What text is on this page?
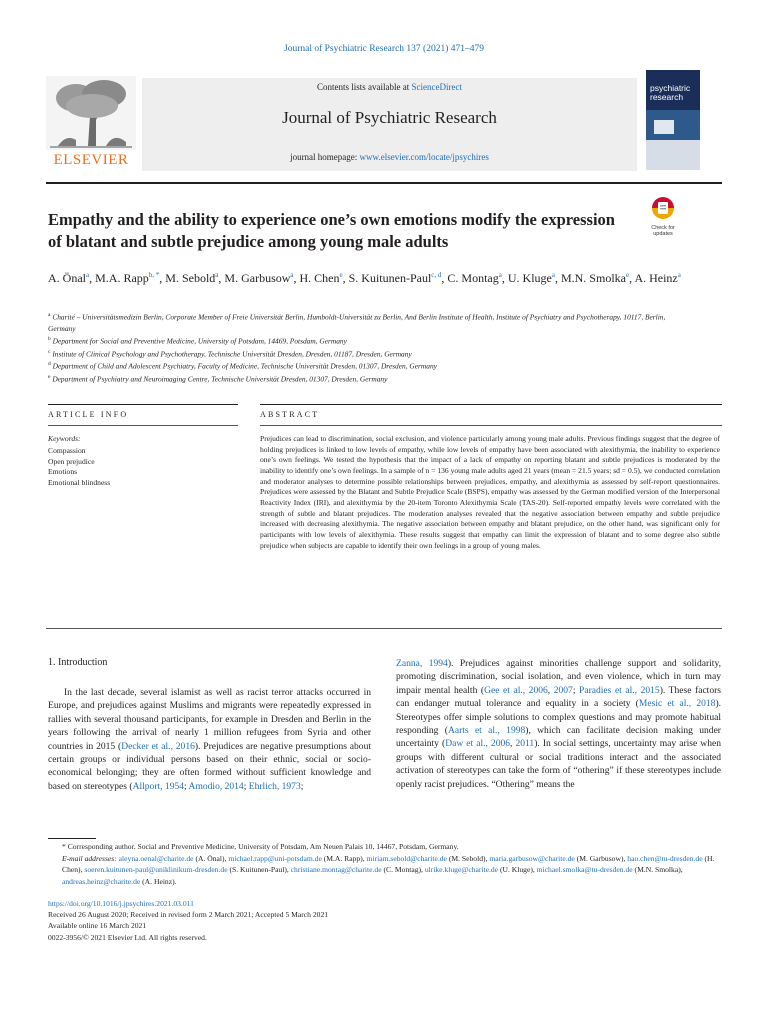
Journal of Psychiatric Research 137 (2021) 471–479
ELSEVIER
Contents lists available at ScienceDirect
Journal of Psychiatric Research
journal homepage: www.elsevier.com/locate/jpsychires
psychiatric
research
Empathy and the ability to experience one’s own emotions modify the expression of blatant and subtle prejudice among young male adults
Check for
updates
A. Önal$^a$, M.A. Rapp$^{b, *}$, M. Sebold$^a$, M. Garbusow$^a$, H. Chen$^e$, S. Kuitunen-Paul$^{c, d}$, C. Montag$^a$, U. Kluge$^a$, M.N. Smolka$^e$, A. Heinz$^a$
$^a$ Charité – Universitätsmedizin Berlin, Corporate Member of Freie Universität Berlin, Humboldt-Universität zu Berlin, And Berlin Institute of Health, Institute of Psychiatry and Psychotherapy, 10117, Berlin, Germany
$^b$ Department for Social and Preventive Medicine, University of Potsdam, 14469, Potsdam, Germany
$^c$ Institute of Clinical Psychology and Psychotherapy, Technische Universität Dresden, Dresden, 01187, Dresden, Germany
$^d$ Department of Child and Adolescent Psychiatry, Faculty of Medicine, Technische Universität Dresden, 01307, Dresden, Germany
$^e$ Department of Psychiatry and Neuroimaging Centre, Technische Universität Dresden, 01307, Dresden, Germany
ARTICLE INFO	ABSTRACT
Keywords:
Compassion
Open prejudice
Emotions
Emotional blindness
Prejudices can lead to discrimination, social exclusion, and violence particularly among young male adults. Previous findings suggest that the degree of holding prejudices is linked to low levels of empathy, while low levels of empathy have been associated with alexithymia, the inability to experience one’s own feelings. We tested the hypothesis that the impact of a lack of empathy on reporting blatant and subtle prejudices is moderated by the inability to identify one’s own feelings. In a sample of n = 136 young male adults aged 21 years (mean = 21.5 years; sd = 0.5), we conducted correlation and moderator analyses to determine possible relationships between prejudices, empathy, and alexithymia as assessed by self-report questionnaires. Prejudices were assessed by the Blatant and Subtle Prejudice Scale (BSPS), empathy was assessed by the German modified version of the Interpersonal Reactivity Index (IRI), and alexithymia by the 20-item Toronto Alexithymia Scale (TAS-20). Self-reported empathy levels were correlated with the strength of subtle and blatant prejudices. The moderation analyses revealed that the negative association between empathy and subtle prejudice increased with decreasing alexithymia. The negative association between empathy and blatant prejudice, on the other hand, was significant only for participants with low levels of alexithymia. These results suggest that empathy can limit the expression of blatant and to some degree also subtle prejudice when subjects are capable to identify their own feelings in a group of young males.
1. Introduction
In the last decade, several islamist as well as racist terror attacks occurred in Europe, and prejudices against Muslims and migrants were repeatedly expressed in rallies with several thousand participants, for example in Dresden and Berlin in the years following the arrival of nearly 1 million refugees from Syria and other countries in 2015 (Decker et al., 2016). Prejudices are negative presumptions about certain groups or individual persons based on their ethnic, social or socio-economical belonging; they are often formed without sufficient knowledge and based on stereotypes (Allport, 1954; Amodio, 2014; Ehrlich, 1973;
Zanna, 1994). Prejudices against minorities challenge support and solidarity, promoting discrimination, social isolation, and even violence, which in turn may impair mental health (Gee et al., 2006, 2007; Paradies et al., 2015). These factors can endanger mutual tolerance and equality in a society (Mesic et al., 2018). Stereotypes offer simple solutions to complex questions and may promote habitual responding (Aarts et al., 1998), which can facilitate decision making under uncertainty (Daw et al., 2006, 2011). In social settings, uncertainty may arise when groups with different cultural or social traditions interact and the associated activation of stereotypes can take the form of “othering” if these stereotypes include openly racist prejudices. “Othering” means the
* Corresponding author. Social and Preventive Medicine, University of Potsdam, Am Neuen Palais 10, 14467, Potsdam, Germany.
E-mail addresses: aleyna.oenal@charite.de (A. Önal), michael.rapp@uni-potsdam.de (M.A. Rapp), miriam.sebold@charite.de (M. Sebold), maria.garbusow@charite.de (M. Garbusow), hao.chen@tu-dresden.de (H. Chen), soeren.kuitunen-paul@uniklinikum-dresden.de (S. Kuitunen-Paul), christiane.montag@charite.de (C. Montag), ulrike.kluge@charite.de (U. Kluge), michael.smolka@tu-dresden.de (M.N. Smolka), andreas.heinz@charite.de (A. Heinz).
https://doi.org/10.1016/j.jpsychires.2021.03.011
Received 26 August 2020; Received in revised form 2 March 2021; Accepted 5 March 2021
Available online 16 March 2021
0022-3956/© 2021 Elsevier Ltd. All rights reserved.
